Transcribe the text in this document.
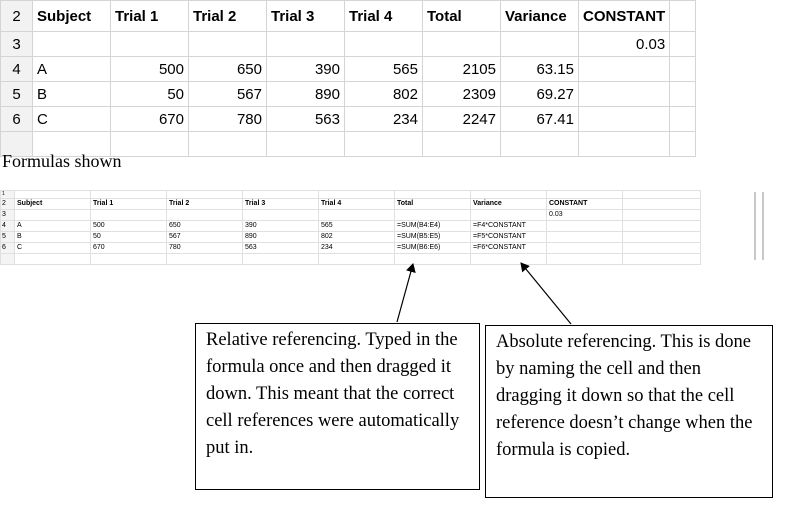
2	Subject	Trial 1	Trial 2	Trial 3	Trial 4	Total	Variance	CONSTANT	
3								0.03	
4	A	500	650	390	565	2105	63.15		
5	B	50	567	890	802	2309	69.27		
6	C	670	780	563	234	2247	67.41		

Formulas shown
1									
2	Subject	Trial 1	Trial 2	Trial 3	Trial 4	Total	Variance	CONSTANT	
3								0.03	
4	A	500	650	390	565	=SUM(B4:E4)	=F4*CONSTANT		
5	B	50	567	890	802	=SUM(B5:E5)	=F5*CONSTANT		
6	C	670	780	563	234	=SUM(B6:E6)	=F6*CONSTANT		

Relative referencing. Typed in the formula once and then dragged it down. This meant that the correct cell references were automatically put in.
Absolute referencing. This is done by naming the cell and then dragging it down so that the cell reference doesn’t change when the formula is copied.
